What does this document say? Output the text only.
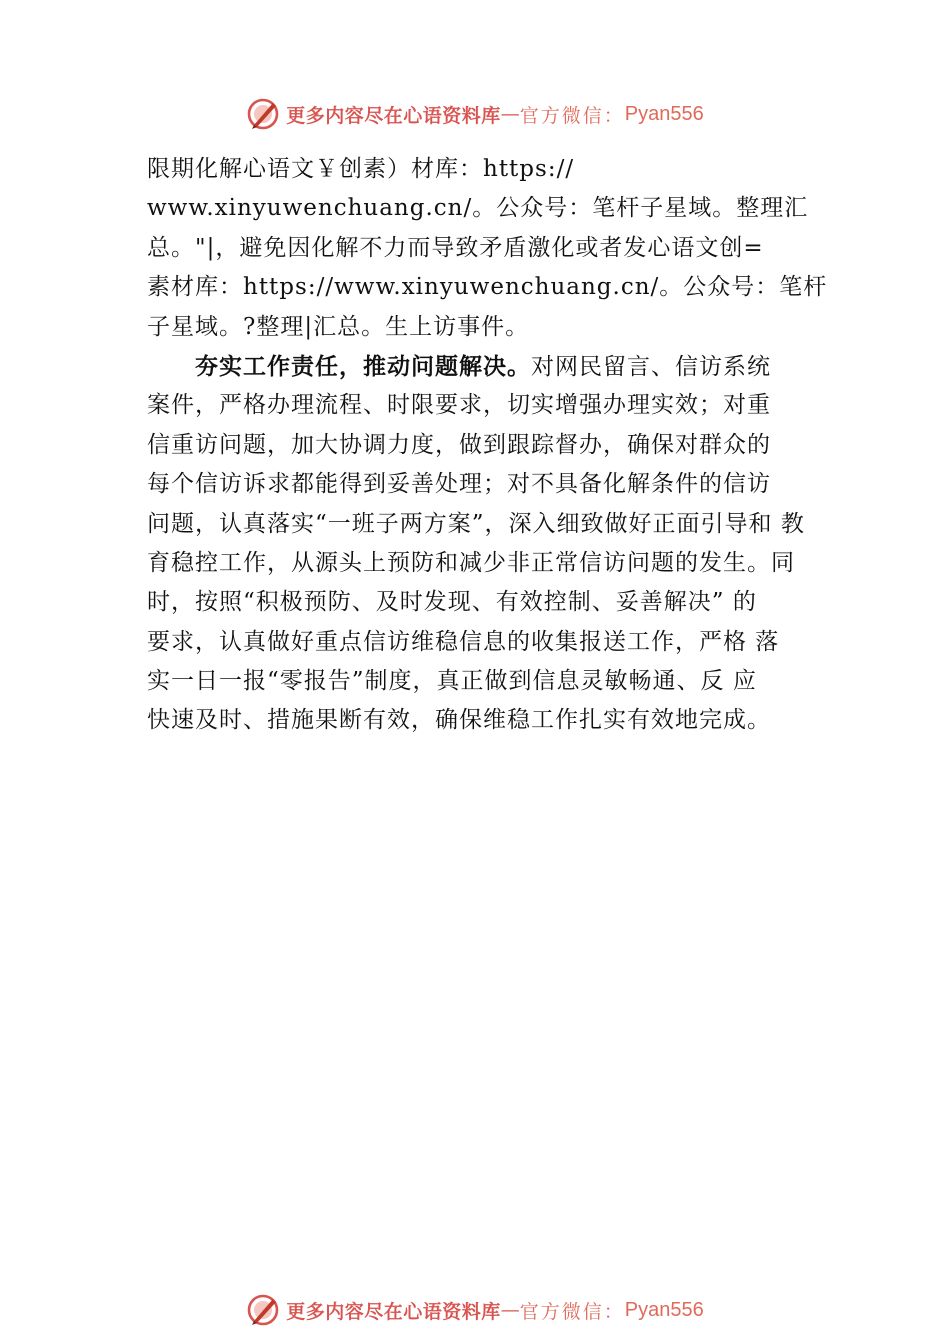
更多内容尽在心语资料库 — 官方微信： Pyan556
限期化解心语文￥创素）材库：https://
www.xinyuwenchuang.cn/。公众号：笔杆子星域。整理汇
总。"|，避免因化解不力而导致矛盾激化或者发心语文创=
素材库：https://www.xinyuwenchuang.cn/。公众号：笔杆
子星域。?整理|汇总。生上访事件。
夯实工作责任，推动问题解决。对网民留言、信访系统
案件，严格办理流程、时限要求，切实增强办理实效；对重
信重访问题，加大协调力度，做到跟踪督办，确保对群众的
每个信访诉求都能得到妥善处理；对不具备化解条件的信访
问题，认真落实“一班子两方案”，深入细致做好正面引导和 教
育稳控工作，从源头上预防和减少非正常信访问题的发生。同
时，按照“积极预防、及时发现、有效控制、妥善解决” 的
要求，认真做好重点信访维稳信息的收集报送工作，严格 落
实一日一报“零报告”制度，真正做到信息灵敏畅通、反 应
快速及时、措施果断有效，确保维稳工作扎实有效地完成。
更多内容尽在心语资料库 — 官方微信： Pyan556
